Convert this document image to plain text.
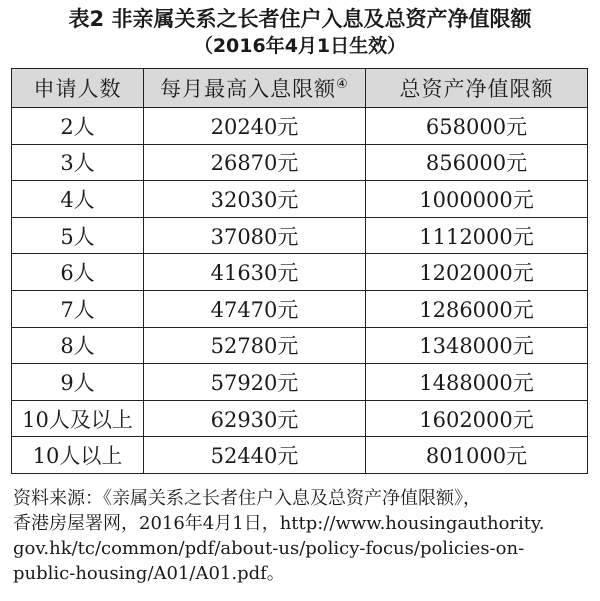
表2 非亲属关系之长者住户入息及总资产净值限额
（2016年4月1日生效）
申请人数	每月最高入息限额④	总资产净值限额
2人	20240元	658000元
3人	26870元	856000元
4人	32030元	1000000元
5人	37080元	1112000元
6人	41630元	1202000元
7人	47470元	1286000元
8人	52780元	1348000元
9人	57920元	1488000元
10人及以上	62930元	1602000元
10人以上	52440元	801000元
资料来源：《亲属关系之长者住户入息及总资产净值限额》，
香港房屋署网，2016年4月1日，http://www.housingauthority.
gov.hk/tc/common/pdf/about-us/policy-focus/policies-on-
public-housing/A01/A01.pdf。
